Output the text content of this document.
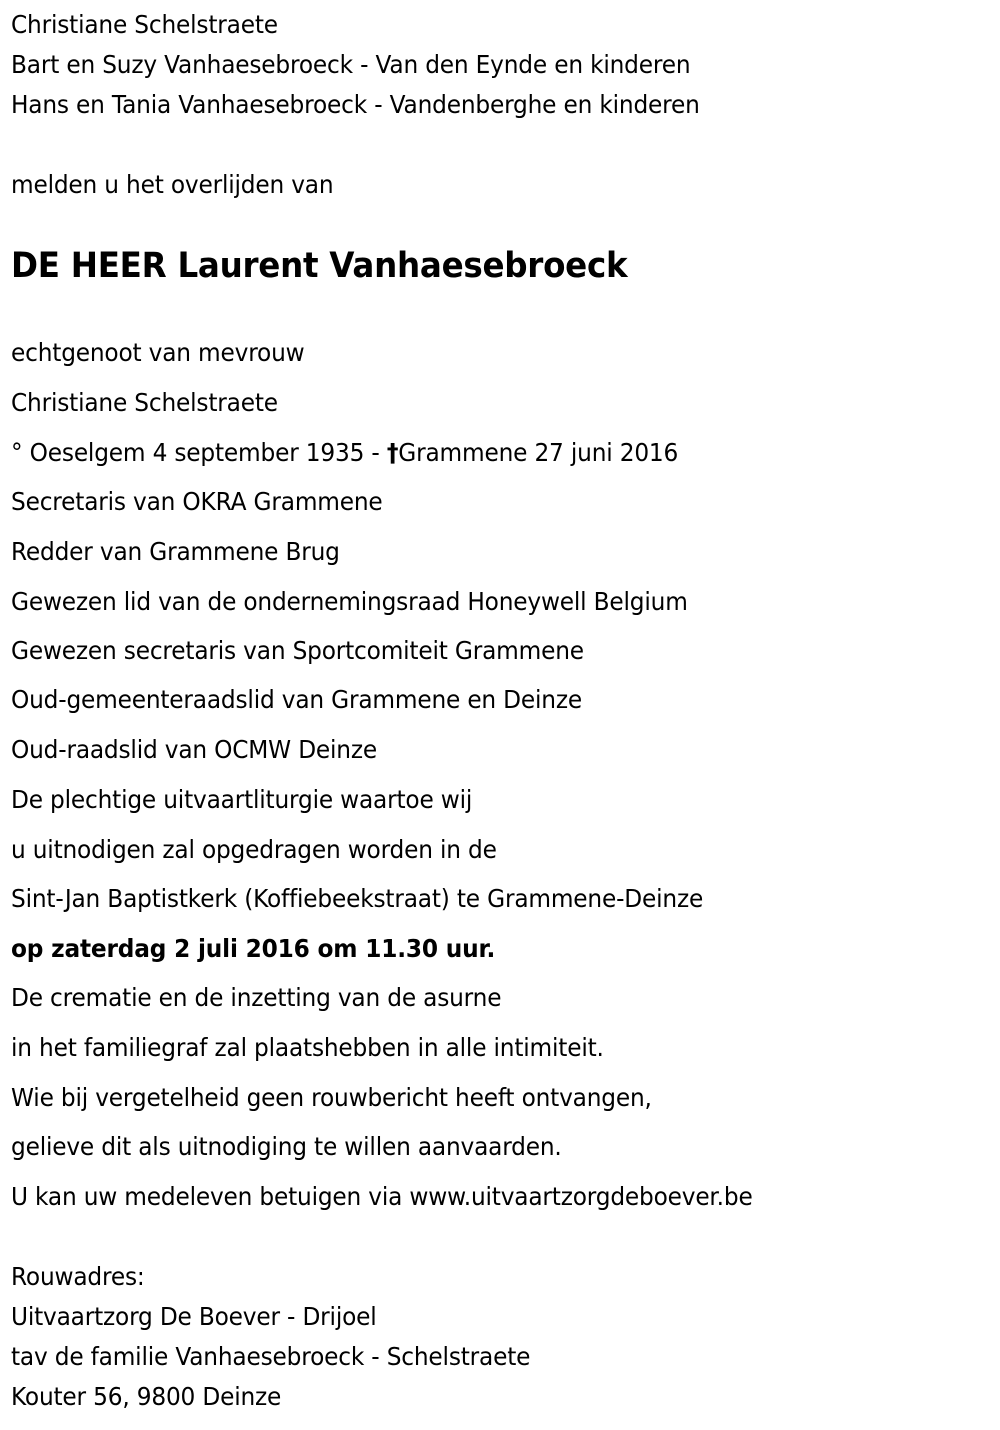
Christiane Schelstraete
Bart en Suzy Vanhaesebroeck - Van den Eynde en kinderen
Hans en Tania Vanhaesebroeck - Vandenberghe en kinderen
melden u het overlijden van
DE HEER Laurent Vanhaesebroeck
echtgenoot van mevrouw
Christiane Schelstraete
° Oeselgem 4 september 1935 - †Grammene 27 juni 2016
Secretaris van OKRA Grammene
Redder van Grammene Brug
Gewezen lid van de ondernemingsraad Honeywell Belgium
Gewezen secretaris van Sportcomiteit Grammene
Oud-gemeenteraadslid van Grammene en Deinze
Oud-raadslid van OCMW Deinze
De plechtige uitvaartliturgie waartoe wij
u uitnodigen zal opgedragen worden in de
Sint-Jan Baptistkerk (Koffiebeekstraat) te Grammene-Deinze
op zaterdag 2 juli 2016 om 11.30 uur.
De crematie en de inzetting van de asurne
in het familiegraf zal plaatshebben in alle intimiteit.
Wie bij vergetelheid geen rouwbericht heeft ontvangen,
gelieve dit als uitnodiging te willen aanvaarden.
U kan uw medeleven betuigen via www.uitvaartzorgdeboever.be
Rouwadres:
Uitvaartzorg De Boever - Drijoel
tav de familie Vanhaesebroeck - Schelstraete
Kouter 56, 9800 Deinze
